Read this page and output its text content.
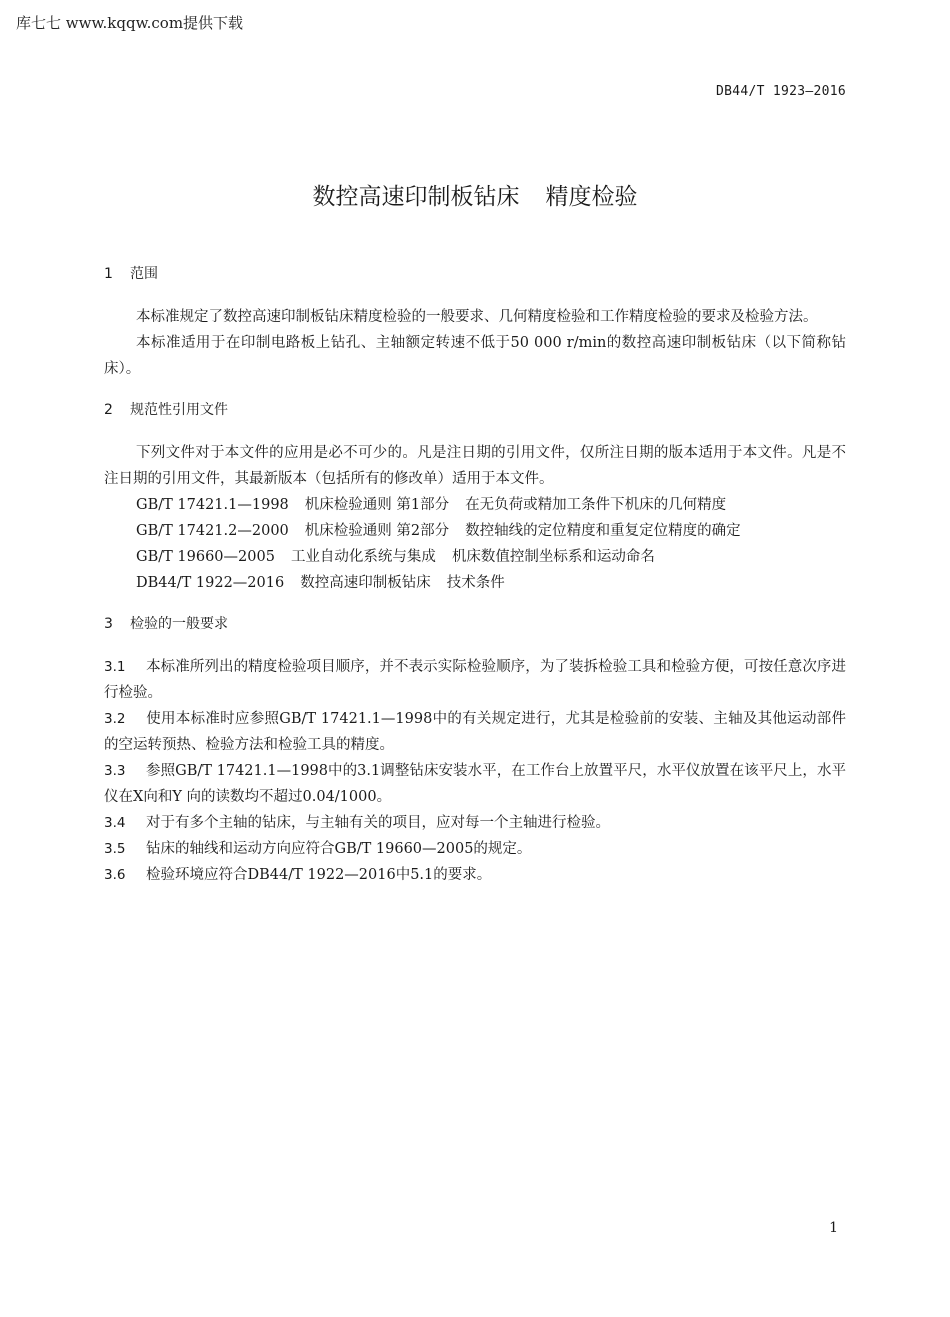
库七七 www.kqqw.com提供下载
DB44/T 1923—2016
数控高速印制板钻床 精度检验
1 范围

本标准规定了数控高速印制板钻床精度检验的一般要求、几何精度检验和工作精度检验的要求及检验方法。

本标准适用于在印制电路板上钻孔、主轴额定转速不低于50 000 r/min的数控高速印制板钻床（以下简称钻床）。

2 规范性引用文件

下列文件对于本文件的应用是必不可少的。凡是注日期的引用文件，仅所注日期的版本适用于本文件。凡是不注日期的引用文件，其最新版本（包括所有的修改单）适用于本文件。

GB/T 17421.1—1998 机床检验通则 第1部分 在无负荷或精加工条件下机床的几何精度
GB/T 17421.2—2000 机床检验通则 第2部分 数控轴线的定位精度和重复定位精度的确定
GB/T 19660—2005 工业自动化系统与集成 机床数值控制坐标系和运动命名
DB44/T 1922—2016 数控高速印制板钻床 技术条件
3 检验的一般要求

3.1 本标准所列出的精度检验项目顺序，并不表示实际检验顺序，为了装拆检验工具和检验方便，可按任意次序进行检验。

3.2 使用本标准时应参照GB/T 17421.1—1998中的有关规定进行，尤其是检验前的安装、主轴及其他运动部件的空运转预热、检验方法和检验工具的精度。

3.3 参照GB/T 17421.1—1998中的3.1调整钻床安装水平，在工作台上放置平尺，水平仪放置在该平尺上，水平仪在X向和Y 向的读数均不超过0.04/1000。

3.4 对于有多个主轴的钻床，与主轴有关的项目，应对每一个主轴进行检验。

3.5 钻床的轴线和运动方向应符合GB/T 19660—2005的规定。

3.6 检验环境应符合DB44/T 1922—2016中5.1的要求。

1
